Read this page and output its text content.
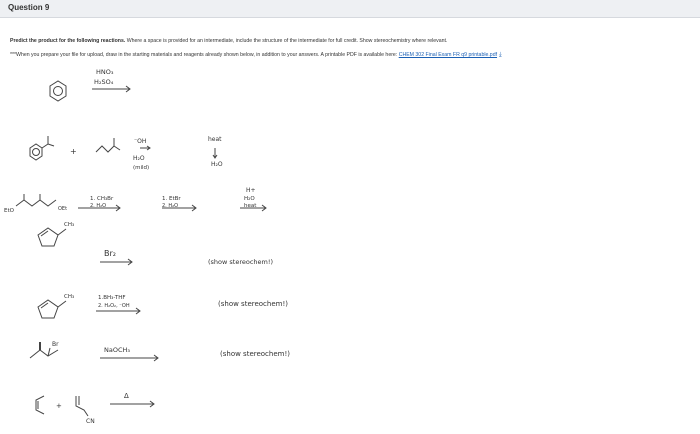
Question 9
Predict the product for the following reactions. Where a space is provided for an intermediate, include the structure of the intermediate for full credit. Show stereochemistry where relevant.
***When you prepare your file for upload, draw in the starting materials and reagents already shown below, in addition to your answers. A printable PDF is available here: CHEM 302 Final Exam FR q9 printable.pdf ⤓
HNO₃
H₂SO₄
+
⁻OH
H₂O
(mild)
heat
H₂O
EtO	OEt
1. CH₃Br
2. H₂O
1. EtBr
2. H₂O
H+
H₂O
heat
CH₃
Br₂
(show stereochem!)
CH₃	1.BH₃-THF
2. H₂O₂, ⁻OH	(show stereochem!)
Br
NaOCH₃	(show stereochem!)
+
CN
Δ
